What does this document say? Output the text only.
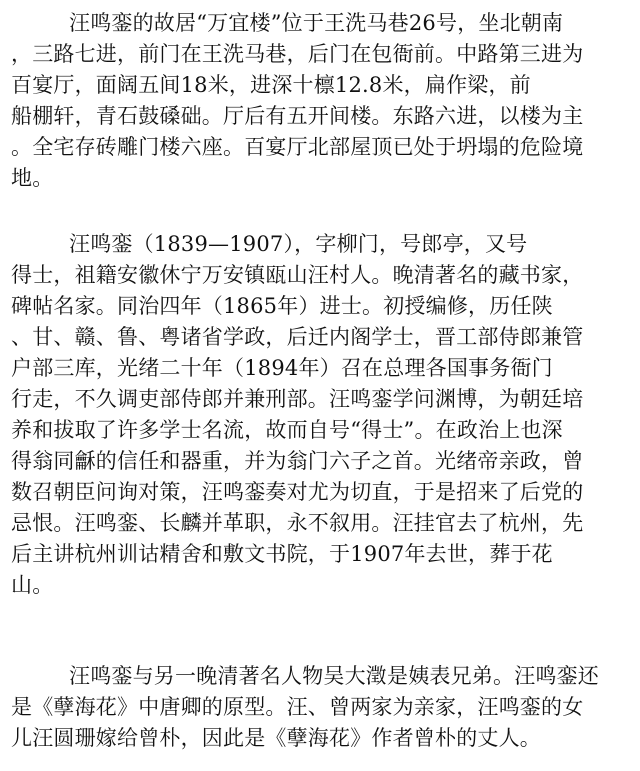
汪鸣銮的故居“万宜楼”位于王洗马巷26号，坐北朝南
，三路七进，前门在王洗马巷，后门在包衙前。中路第三进为
百宴厅，面阔五间18米，进深十檩12.8米，扁作梁，前
船棚轩，青石鼓磉础。厅后有五开间楼。东路六进，以楼为主
。全宅存砖雕门楼六座。百宴厅北部屋顶已处于坍塌的危险境
地。
汪鸣銮（1839—1907），字柳门，号郎亭，又号
得士，祖籍安徽休宁万安镇瓯山汪村人。晚清著名的藏书家，
碑帖名家。同治四年（1865年）进士。初授编修，历任陕
、甘、赣、鲁、粤诸省学政，后迁内阁学士，晋工部侍郎兼管
户部三库，光绪二十年（1894年）召在总理各国事务衙门
行走，不久调吏部侍郎并兼刑部。汪鸣銮学问渊博，为朝廷培
养和拔取了许多学士名流，故而自号“得士”。在政治上也深
得翁同龢的信任和器重，并为翁门六子之首。光绪帝亲政，曾
数召朝臣问询对策，汪鸣銮奏对尤为切直，于是招来了后党的
忌恨。汪鸣銮、长麟并革职，永不叙用。汪挂官去了杭州，先
后主讲杭州训诂精舍和敷文书院，于1907年去世，葬于花
山。
汪鸣銮与另一晚清著名人物吴大澂是姨表兄弟。汪鸣銮还
是《孽海花》中唐卿的原型。汪、曾两家为亲家，汪鸣銮的女
儿汪圆珊嫁给曾朴，因此是《孽海花》作者曾朴的丈人。
